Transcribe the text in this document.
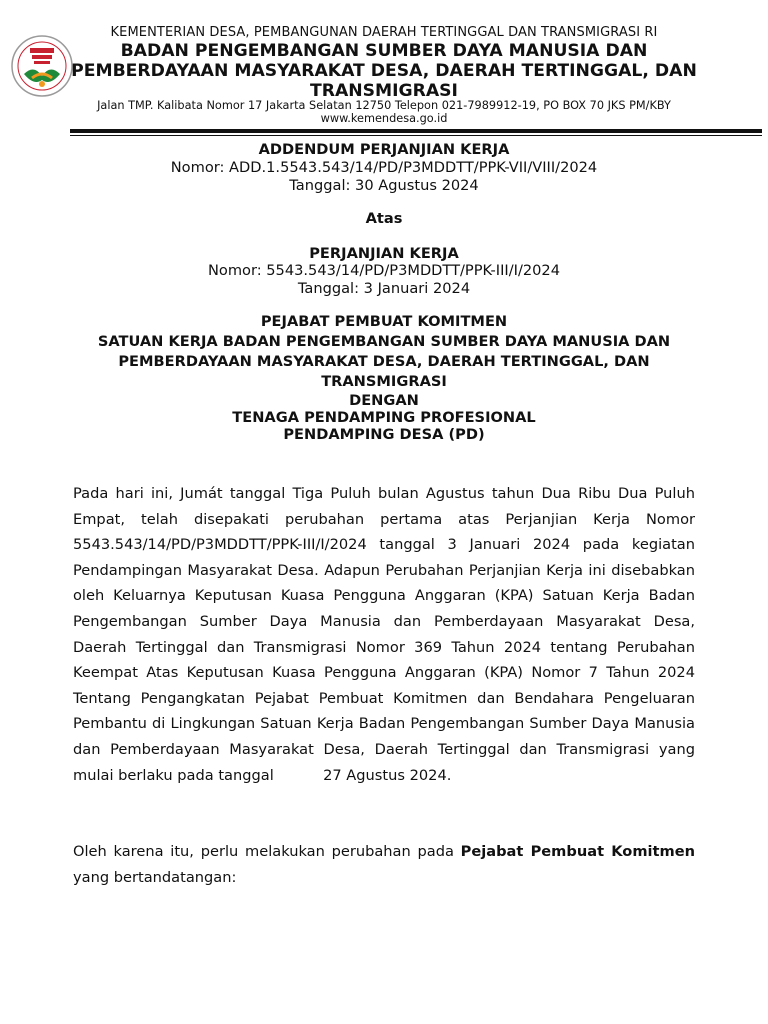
KEMENTERIAN DESA, PEMBANGUNAN DAERAH TERTINGGAL DAN TRANSMIGRASI RI
BADAN PENGEMBANGAN SUMBER DAYA MANUSIA DAN
PEMBERDAYAAN MASYARAKAT DESA, DAERAH TERTINGGAL, DAN
TRANSMIGRASI
Jalan TMP. Kalibata Nomor 17 Jakarta Selatan 12750 Telepon 021-7989912-19, PO BOX 70 JKS PM/KBY
www.kemendesa.go.id
ADDENDUM PERJANJIAN KERJA
Nomor: ADD.1.5543.543/14/PD/P3MDDTT/PPK-VII/VIII/2024
Tanggal: 30 Agustus 2024
Atas
PERJANJIAN KERJA
Nomor: 5543.543/14/PD/P3MDDTT/PPK-III/I/2024
Tanggal: 3 Januari 2024
PEJABAT PEMBUAT KOMITMEN
SATUAN KERJA BADAN PENGEMBANGAN SUMBER DAYA MANUSIA DAN
PEMBERDAYAAN MASYARAKAT DESA, DAERAH TERTINGGAL, DAN
TRANSMIGRASI
DENGAN
TENAGA PENDAMPING PROFESIONAL
PENDAMPING DESA (PD)
Pada hari ini, Jumát tanggal Tiga Puluh bulan Agustus tahun Dua Ribu Dua Puluh Empat, telah disepakati perubahan pertama atas Perjanjian Kerja Nomor 5543.543/14/PD/P3MDDTT/PPK-III/I/2024 tanggal 3 Januari 2024 pada kegiatan Pendampingan Masyarakat Desa. Adapun Perubahan Perjanjian Kerja ini disebabkan oleh Keluarnya Keputusan Kuasa Pengguna Anggaran (KPA) Satuan Kerja Badan Pengembangan Sumber Daya Manusia dan Pemberdayaan Masyarakat Desa, Daerah Tertinggal dan Transmigrasi Nomor 369 Tahun 2024 tentang Perubahan Keempat Atas Keputusan Kuasa Pengguna Anggaran (KPA) Nomor 7 Tahun 2024 Tentang Pengangkatan Pejabat Pembuat Komitmen dan Bendahara Pengeluaran Pembantu di Lingkungan Satuan Kerja Badan Pengembangan Sumber Daya Manusia dan Pemberdayaan Masyarakat Desa, Daerah Tertinggal dan Transmigrasi yang mulai berlaku pada tanggal	27 Agustus 2024.
Oleh karena itu, perlu melakukan perubahan pada Pejabat Pembuat Komitmen yang bertandatangan:
